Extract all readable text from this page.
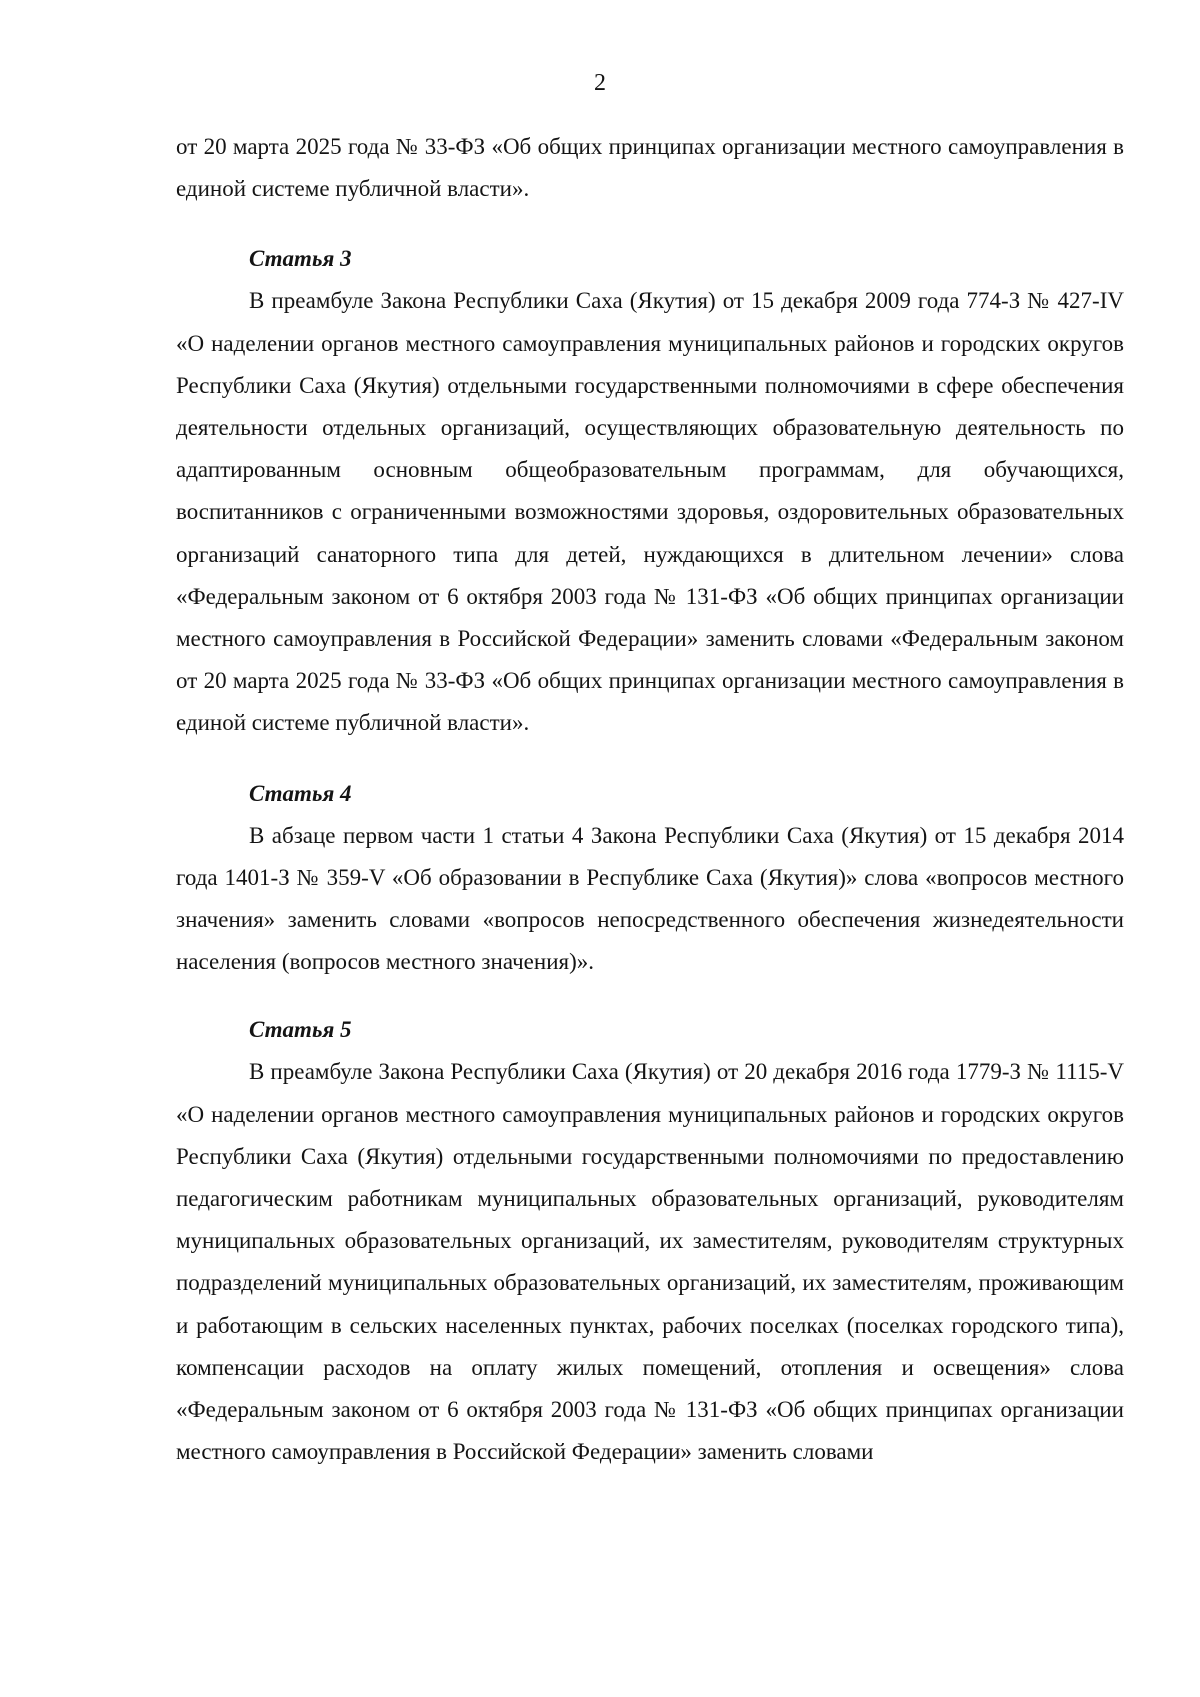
2

от 20 марта 2025 года № 33-ФЗ «Об общих принципах организации местного самоуправления в единой системе публичной власти».

Статья 3

В преамбуле Закона Республики Саха (Якутия) от 15 декабря 2009 года 774-З № 427-IV «О наделении органов местного самоуправления муниципальных районов и городских округов Республики Саха (Якутия) отдельными государственными полномочиями в сфере обеспечения деятельности отдельных организаций, осуществляющих образовательную деятельность по адаптированным основным общеобразовательным программам, для обучающихся, воспитанников с ограниченными возможностями здоровья, оздоровительных образовательных организаций санаторного типа для детей, нуждающихся в длительном лечении» слова «Федеральным законом от 6 октября 2003 года № 131-ФЗ «Об общих принципах организации местного самоуправления в Российской Федерации» заменить словами «Федеральным законом от 20 марта 2025 года № 33-ФЗ «Об общих принципах организации местного самоуправления в единой системе публичной власти».

Статья 4

В абзаце первом части 1 статьи 4 Закона Республики Саха (Якутия) от 15 декабря 2014 года 1401-З № 359-V «Об образовании в Республике Саха (Якутия)» слова «вопросов местного значения» заменить словами «вопросов непосредственного обеспечения жизнедеятельности населения (вопросов местного значения)».

Статья 5

В преамбуле Закона Республики Саха (Якутия) от 20 декабря 2016 года 1779-З № 1115-V «О наделении органов местного самоуправления муниципальных районов и городских округов Республики Саха (Якутия) отдельными государственными полномочиями по предоставлению педагогическим работникам муниципальных образовательных организаций, руководителям муниципальных образовательных организаций, их заместителям, руководителям структурных подразделений муниципальных образовательных организаций, их заместителям, проживающим и работающим в сельских населенных пунктах, рабочих поселках (поселках городского типа), компенсации расходов на оплату жилых помещений, отопления и освещения» слова «Федеральным законом от 6 октября 2003 года № 131-ФЗ «Об общих принципах организации местного самоуправления в Российской Федерации» заменить словами
